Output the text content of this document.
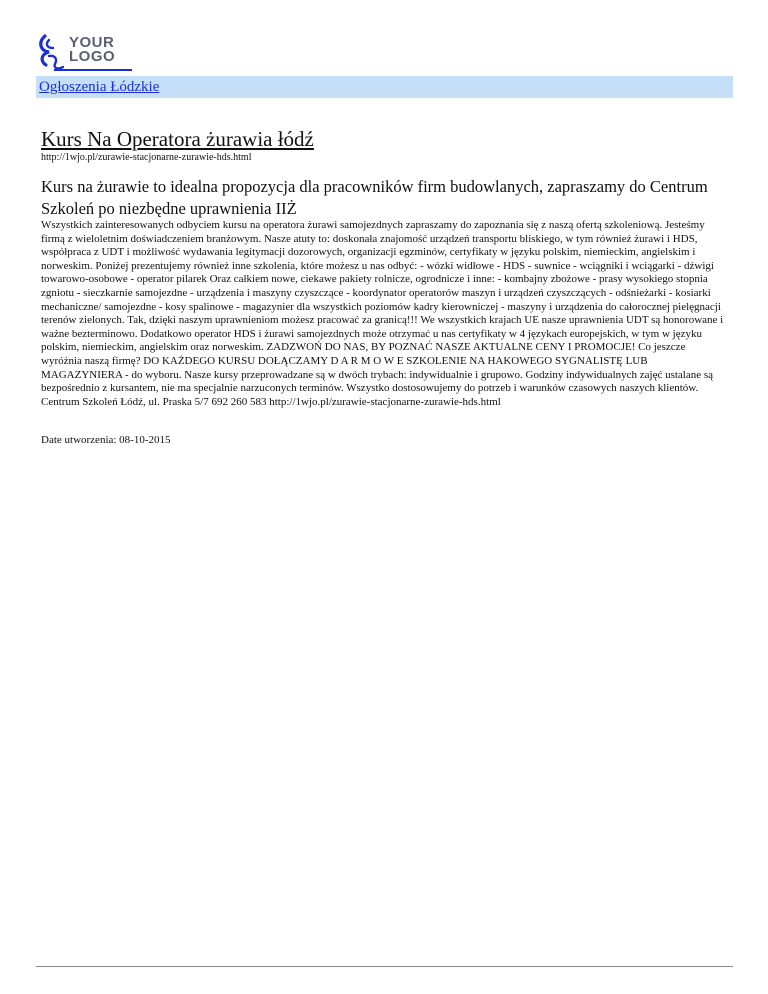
YOUR
LOGO
Ogłoszenia Łódzkie
Kurs Na Operatora żurawia łódź
http://1wjo.pl/zurawie-stacjonarne-zurawie-hds.html
Kurs na żurawie to idealna propozycja dla pracowników firm budowlanych, zapraszamy do Centrum Szkoleń po niezbędne uprawnienia IIŻ

Wszystkich zainteresowanych odbyciem kursu na operatora żurawi samojezdnych zapraszamy do zapoznania się z naszą ofertą szkoleniową. Jesteśmy firmą z wieloletnim doświadczeniem branżowym. Nasze atuty to: doskonała znajomość urządzeń transportu bliskiego, w tym również żurawi i HDS, współpraca z UDT i możliwość wydawania legitymacji dozorowych, organizacji egzminów, certyfikaty w języku polskim, niemieckim, angielskim i norweskim. Poniżej prezentujemy również inne szkolenia, które możesz u nas odbyć: - wózki widłowe - HDS - suwnice - wciągniki i wciągarki - dźwigi towarowo-osobowe - operator pilarek Oraz całkiem nowe, ciekawe pakiety rolnicze, ogrodnicze i inne: - kombajny zbożowe - prasy wysokiego stopnia zgniotu - sieczkarnie samojezdne - urządzenia i maszyny czyszczące - koordynator operatorów maszyn i urządzeń czyszczących - odśnieżarki - kosiarki mechaniczne/ samojezdne - kosy spalinowe - magazynier dla wszystkich poziomów kadry kierowniczej - maszyny i urządzenia do całorocznej pielęgnacji terenów zielonych. Tak, dzięki naszym uprawnieniom możesz pracować za granicą!!! We wszystkich krajach UE nasze uprawnienia UDT są honorowane i ważne bezterminowo. Dodatkowo operator HDS i żurawi samojezdnych może otrzymać u nas certyfikaty w 4 językach europejskich, w tym w języku polskim, niemieckim, angielskim oraz norweskim. ZADZWOŃ DO NAS, BY POZNAĆ NASZE AKTUALNE CENY I PROMOCJE! Co jeszcze wyróżnia naszą firmę? DO KAŻDEGO KURSU DOŁĄCZAMY D A R M O W E SZKOLENIE NA HAKOWEGO SYGNALISTĘ LUB MAGAZYNIERA - do wyboru. Nasze kursy przeprowadzane są w dwóch trybach: indywidualnie i grupowo. Godziny indywidualnych zajęć ustalane są bezpośrednio z kursantem, nie ma specjalnie narzuconych terminów. Wszystko dostosowujemy do potrzeb i warunków czasowych naszych klientów. Centrum Szkoleń Łódź, ul. Praska 5/7 692 260 583 http://1wjo.pl/zurawie-stacjonarne-zurawie-hds.html

Date utworzenia: 08-10-2015
